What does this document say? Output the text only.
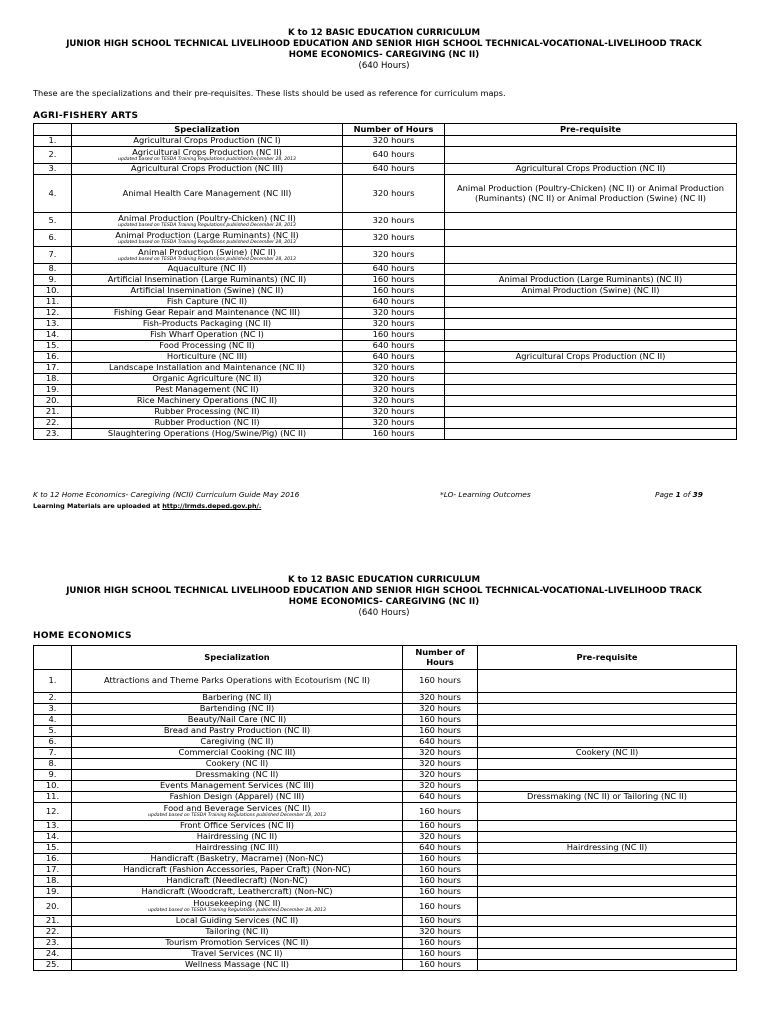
K to 12 BASIC EDUCATION CURRICULUM
JUNIOR HIGH SCHOOL TECHNICAL LIVELIHOOD EDUCATION AND SENIOR HIGH SCHOOL TECHNICAL-VOCATIONAL-LIVELIHOOD TRACK
HOME ECONOMICS- CAREGIVING (NC II)
(640 Hours)
These are the specializations and their pre-requisites. These lists should be used as reference for curriculum maps.
AGRI-FISHERY ARTS
	Specialization	Number of Hours	Pre-requisite
1.	Agricultural Crops Production (NC I)	320 hours	
2.	Agricultural Crops Production (NC II)
updated based on TESDA Training Regulations published December 28, 2013	640 hours	
3.	Agricultural Crops Production (NC III)	640 hours	Agricultural Crops Production (NC II)
4.	Animal Health Care Management (NC III)	320 hours	Animal Production (Poultry-Chicken) (NC II) or Animal Production (Ruminants) (NC II) or Animal Production (Swine) (NC II)
5.	Animal Production (Poultry-Chicken) (NC II)
updated based on TESDA Training Regulations published December 28, 2013	320 hours	
6.	Animal Production (Large Ruminants) (NC II)
updated based on TESDA Training Regulations published December 28, 2013	320 hours	
7.	Animal Production (Swine) (NC II)
updated based on TESDA Training Regulations published December 28, 2013	320 hours	
8.	Aquaculture (NC II)	640 hours	
9.	Artificial Insemination (Large Ruminants) (NC II)	160 hours	Animal Production (Large Ruminants) (NC II)
10.	Artificial Insemination (Swine) (NC II)	160 hours	Animal Production (Swine) (NC II)
11.	Fish Capture (NC II)	640 hours	
12.	Fishing Gear Repair and Maintenance (NC III)	320 hours	
13.	Fish-Products Packaging (NC II)	320 hours	
14.	Fish Wharf Operation (NC I)	160 hours	
15.	Food Processing (NC II)	640 hours	
16.	Horticulture (NC III)	640 hours	Agricultural Crops Production (NC II)
17.	Landscape Installation and Maintenance (NC II)	320 hours	
18.	Organic Agriculture (NC II)	320 hours	
19.	Pest Management (NC II)	320 hours	
20.	Rice Machinery Operations (NC II)	320 hours	
21.	Rubber Processing (NC II)	320 hours	
22.	Rubber Production (NC II)	320 hours	
23.	Slaughtering Operations (Hog/Swine/Pig) (NC II)	160 hours	
K to 12 Home Economics- Caregiving (NCII) Curriculum Guide May 2016	*LO- Learning Outcomes	Page 1 of 39
Learning Materials are uploaded at http://lrmds.deped.gov.ph/.
K to 12 BASIC EDUCATION CURRICULUM
JUNIOR HIGH SCHOOL TECHNICAL LIVELIHOOD EDUCATION AND SENIOR HIGH SCHOOL TECHNICAL-VOCATIONAL-LIVELIHOOD TRACK
HOME ECONOMICS- CAREGIVING (NC II)
(640 Hours)
HOME ECONOMICS
	Specialization	Number of Hours	Pre-requisite
1.	Attractions and Theme Parks Operations with Ecotourism (NC II)	160 hours	
2.	Barbering (NC II)	320 hours	
3.	Bartending (NC II)	320 hours	
4.	Beauty/Nail Care (NC II)	160 hours	
5.	Bread and Pastry Production (NC II)	160 hours	
6.	Caregiving (NC II)	640 hours	
7.	Commercial Cooking (NC III)	320 hours	Cookery (NC II)
8.	Cookery (NC II)	320 hours	
9.	Dressmaking (NC II)	320 hours	
10.	Events Management Services (NC III)	320 hours	
11.	Fashion Design (Apparel) (NC III)	640 hours	Dressmaking (NC II) or Tailoring (NC II)
12.	Food and Beverage Services (NC II)
updated based on TESDA Training Regulations published December 28, 2013	160 hours	
13.	Front Office Services (NC II)	160 hours	
14.	Hairdressing (NC II)	320 hours	
15.	Hairdressing (NC III)	640 hours	Hairdressing (NC II)
16.	Handicraft (Basketry, Macrame) (Non-NC)	160 hours	
17.	Handicraft (Fashion Accessories, Paper Craft) (Non-NC)	160 hours	
18.	Handicraft (Needlecraft) (Non-NC)	160 hours	
19.	Handicraft (Woodcraft, Leathercraft) (Non-NC)	160 hours	
20.	Housekeeping (NC II)
updated based on TESDA Training Regulations published December 28, 2013	160 hours	
21.	Local Guiding Services (NC II)	160 hours	
22.	Tailoring (NC II)	320 hours	
23.	Tourism Promotion Services (NC II)	160 hours	
24.	Travel Services (NC II)	160 hours	
25.	Wellness Massage (NC II)	160 hours	
